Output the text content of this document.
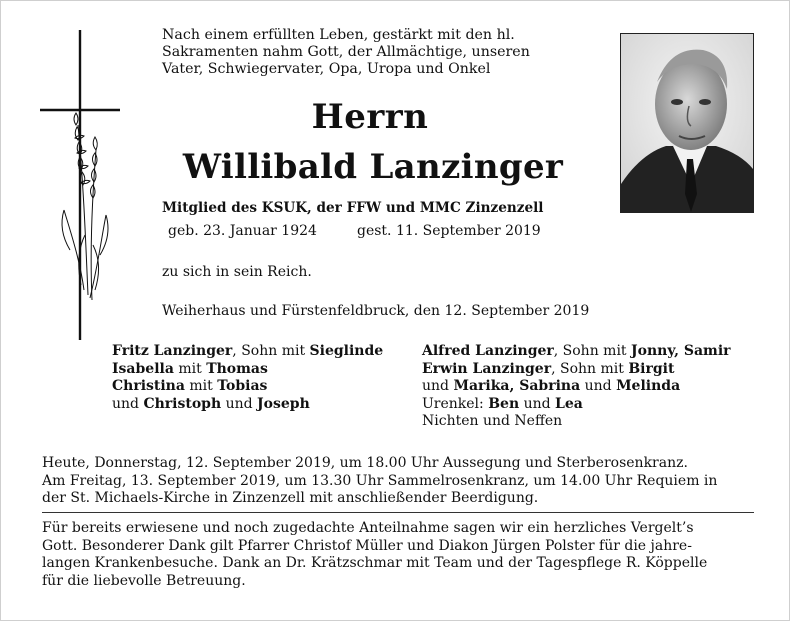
Nach einem erfüllten Leben, gestärkt mit den hl.
Sakramenten nahm Gott, der Allmächtige, unseren
Vater, Schwiegervater, Opa, Uropa und Onkel
Herrn
Willibald Lanzinger
Mitglied des KSUK, der FFW und MMC Zinzenzell
geb. 23. Januar 1924	gest. 11. September 2019
zu sich in sein Reich.
Weiherhaus und Fürstenfeldbruck, den 12. September 2019
Fritz Lanzinger, Sohn mit Sieglinde
Isabella mit Thomas
Christina mit Tobias
und Christoph und Joseph
Alfred Lanzinger, Sohn mit Jonny, Samir
Erwin Lanzinger, Sohn mit Birgit
und Marika, Sabrina und Melinda
Urenkel: Ben und Lea
Nichten und Neffen
Heute, Donnerstag, 12. September 2019, um 18.00 Uhr Aussegung und Sterberosenkranz.
Am Freitag, 13. September 2019, um 13.30 Uhr Sammelrosenkranz, um 14.00 Uhr Requiem in
der St. Michaels-Kirche in Zinzenzell mit anschließender Beerdigung.
Für bereits erwiesene und noch zugedachte Anteilnahme sagen wir ein herzliches Vergelt’s
Gott. Besonderer Dank gilt Pfarrer Christof Müller und Diakon Jürgen Polster für die jahre-
langen Krankenbesuche. Dank an Dr. Krätzschmar mit Team und der Tagespflege R. Köppelle
für die liebevolle Betreuung.
